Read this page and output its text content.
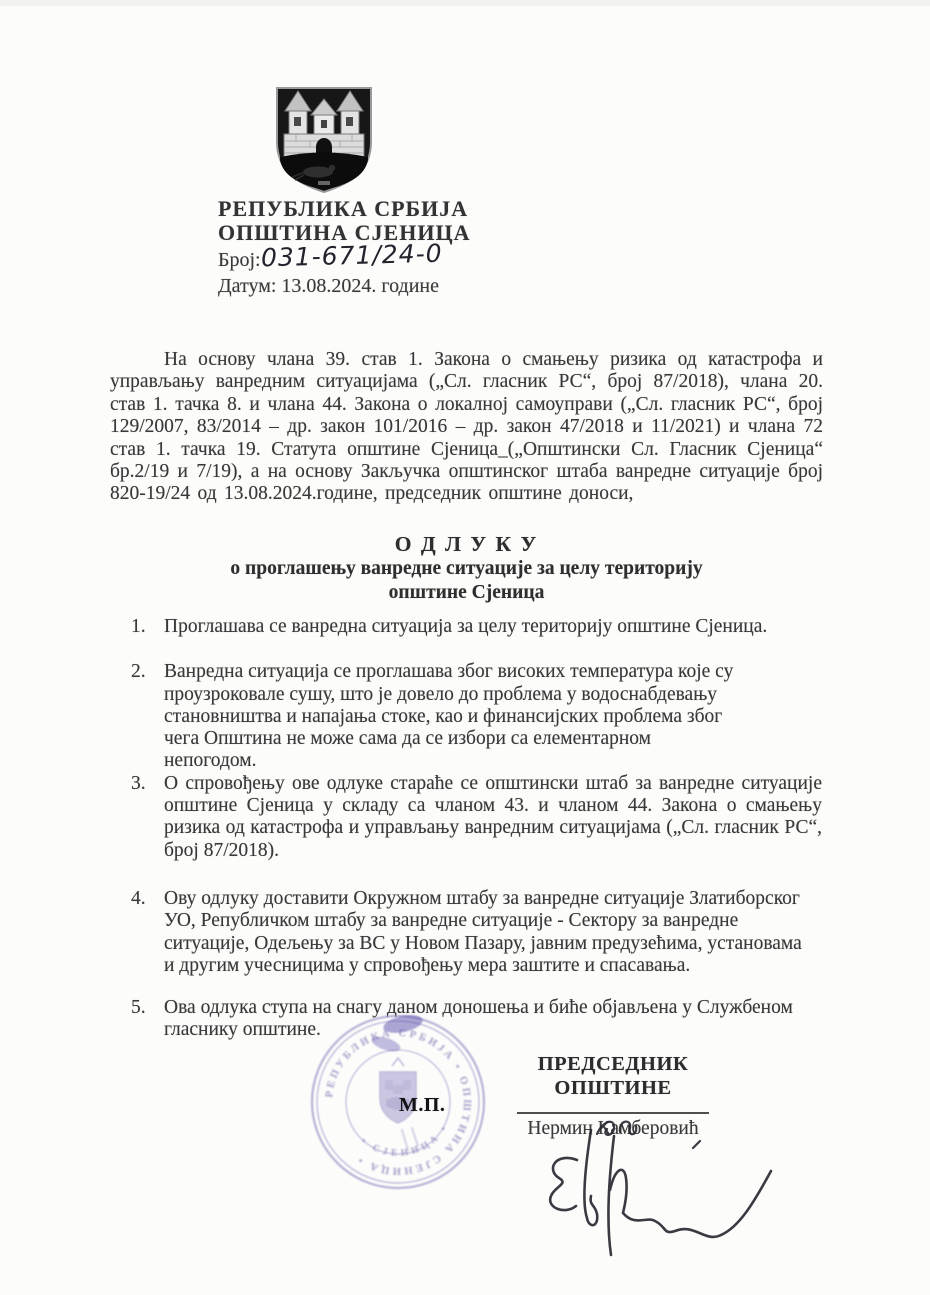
РЕПУБЛИКА СРБИЈА
ОПШТИНА СЈЕНИЦА
Број:031-671/24-0
Датум: 13.08.2024. године

На основу члана 39. став 1. Закона о смањењу ризика од катастрофа и управљању ванредним ситуацијама („Сл. гласник РС“, број 87/2018), члана 20. став 1. тачка 8. и члана 44. Закона о локалној самоуправи („Сл. гласник РС“, број 129/2007, 83/2014 – др. закон 101/2016 – др. закон 47/2018 и 11/2021) и члана 72 став 1. тачка 19. Статута општине Сјеница_(„Општински Сл. Гласник Сјеница“ бр.2/19 и 7/19), а на основу Закључка општинског штаба ванредне ситуације број 820-19/24 од 13.08.2024.године, председник општине доноси,

О Д Л У К У
о проглашењу ванредне ситуације за целу територију
општине Сјеница
1. Проглашава се ванредна ситуација за целу територију општине Сјеница.
2. Ванредна ситуација се проглашава због високих температура које су проузроковале сушу, што је довело до проблема у водоснабдевању становништва и напајања стоке, као и финансијских проблема због чега Општина не може сама да се избори са елементарном непогодом.
3. О спровођењу ове одлуке стараће се општински штаб за ванредне ситуације општине Сјеница у складу са чланом 43. и чланом 44. Закона о смањењу ризика од катастрофа и управљању ванредним ситуацијама („Сл. гласник РС“, број 87/2018).
4. Ову одлуку доставити Окружном штабу за ванредне ситуације Златиборског УО, Републичком штабу за ванредне ситуације - Сектору за ванредне ситуације, Одељењу за ВС у Новом Пазару, јавним предузећима, установама и другим учесницима у спровођењу мера заштите и спасавања.
5. Ова одлука ступа на снагу даном доношења и биће објављена у Службеном гласнику општине.
РЕПУБЛИКА СРБИЈА • ОПШТИНА СЈЕНИЦА •
• СЈЕНИЦА •
М.П.
ПРЕДСЕДНИК ОПШТИНЕ
Нермин Камберовић
